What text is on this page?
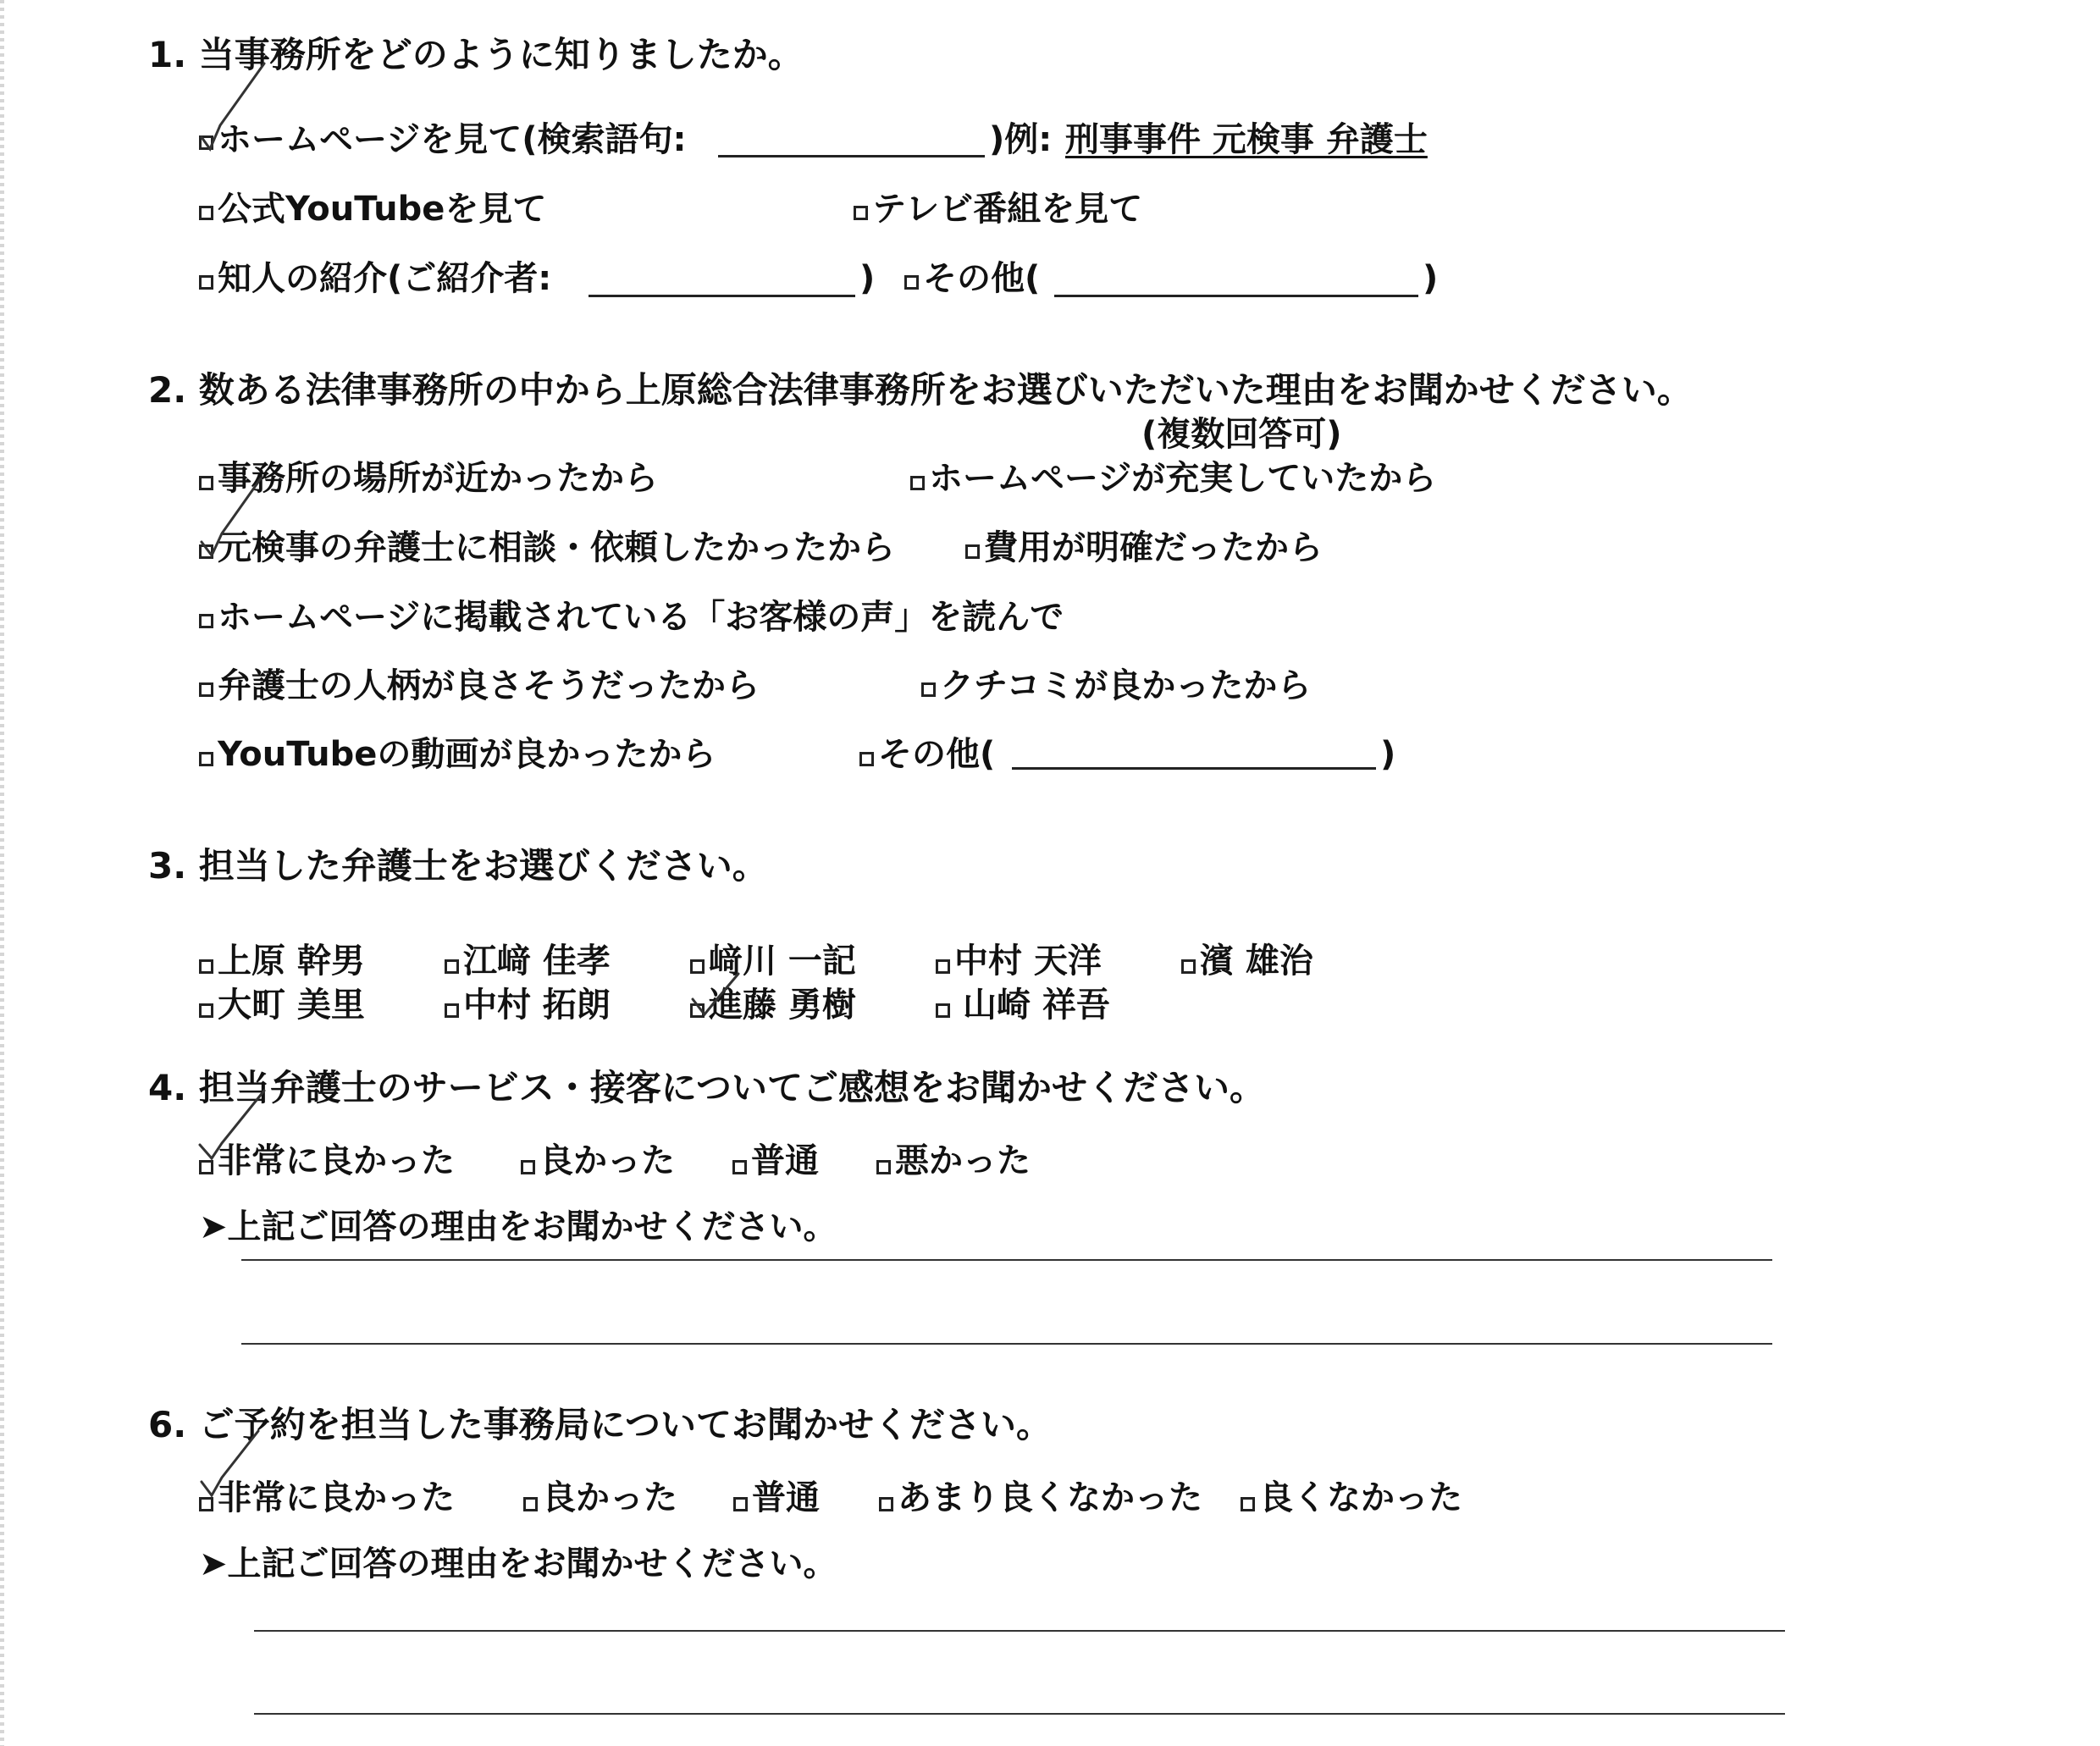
1. 当事務所をどのように知りましたか。
ホームページを見て(検索語句:	)例: 刑事事件 元検事 弁護士
公式YouTubeを見て	テレビ番組を見て
知人の紹介(ご紹介者:	) その他(	)
2. 数ある法律事務所の中から上原総合法律事務所をお選びいただいた理由をお聞かせください。
(複数回答可)
事務所の場所が近かったから	ホームページが充実していたから
元検事の弁護士に相談・依頼したかったから	費用が明確だったから
ホームページに掲載されている「お客様の声」を読んで
弁護士の人柄が良さそうだったから	クチコミが良かったから
YouTubeの動画が良かったから	その他(	)
3. 担当した弁護士をお選びください。
上原 幹男	江﨑 佳孝	﨑川 一記	中村 天洋	濱 雄治
大町 美里	中村 拓朗	進藤 勇樹	山崎 祥吾
4. 担当弁護士のサービス・接客についてご感想をお聞かせください。
非常に良かった	良かった 普通 悪かった
➤上記ご回答の理由をお聞かせください。
6. ご予約を担当した事務局についてお聞かせください。
非常に良かった	良かった 普通 あまり良くなかった 良くなかった
➤上記ご回答の理由をお聞かせください。
